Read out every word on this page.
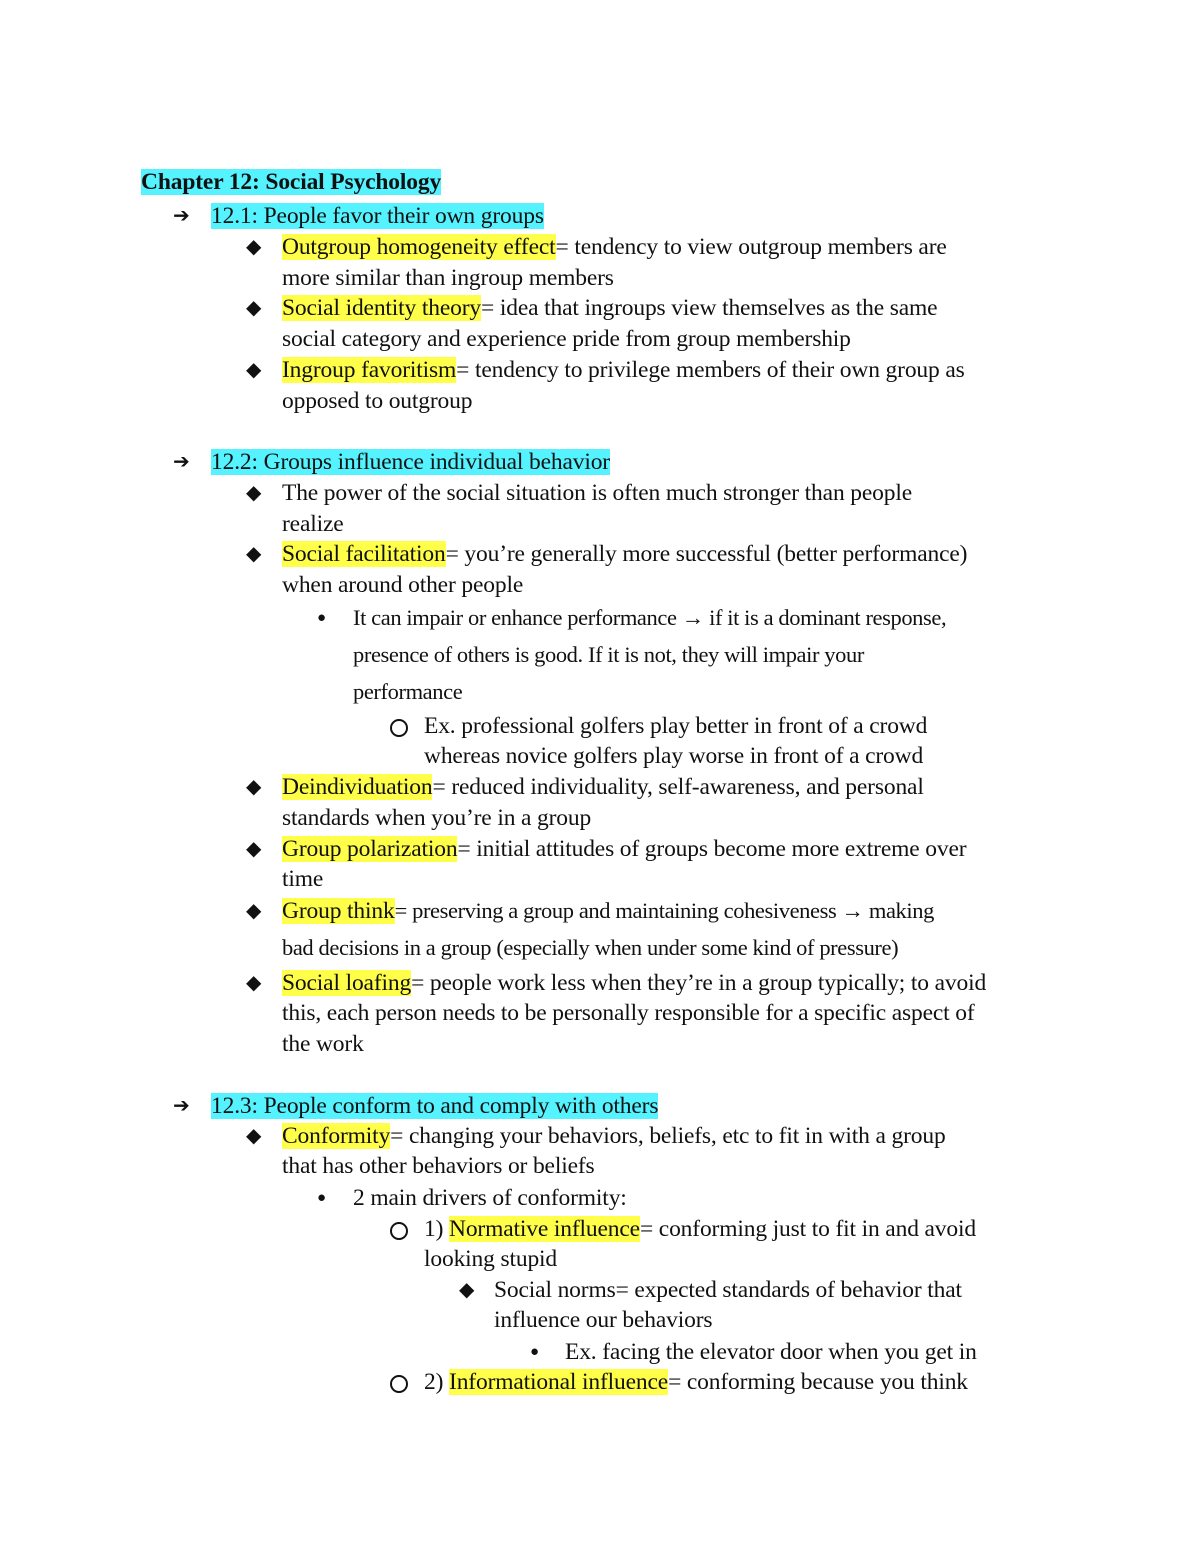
Chapter 12: Social Psychology
➔ 12.1: People favor their own groups
◆ Outgroup homogeneity effect= tendency to view outgroup members are
more similar than ingroup members
◆ Social identity theory= idea that ingroups view themselves as the same
social category and experience pride from group membership
◆ Ingroup favoritism= tendency to privilege members of their own group as
opposed to outgroup
➔ 12.2: Groups influence individual behavior
◆ The power of the social situation is often much stronger than people
realize
◆ Social facilitation= you’re generally more successful (better performance)
when around other people
● It can impair or enhance performance → if it is a dominant response,
presence of others is good. If it is not, they will impair your
performance
Ex. professional golfers play better in front of a crowd
whereas novice golfers play worse in front of a crowd
◆ Deindividuation= reduced individuality, self-awareness, and personal
standards when you’re in a group
◆ Group polarization= initial attitudes of groups become more extreme over
time
◆ Group think= preserving a group and maintaining cohesiveness → making
bad decisions in a group (especially when under some kind of pressure)
◆ Social loafing= people work less when they’re in a group typically; to avoid
this, each person needs to be personally responsible for a specific aspect of
the work
➔ 12.3: People conform to and comply with others
◆ Conformity= changing your behaviors, beliefs, etc to fit in with a group
that has other behaviors or beliefs
● 2 main drivers of conformity:
1) Normative influence= conforming just to fit in and avoid
looking stupid
◆ Social norms= expected standards of behavior that
influence our behaviors
● Ex. facing the elevator door when you get in
2) Informational influence= conforming because you think
